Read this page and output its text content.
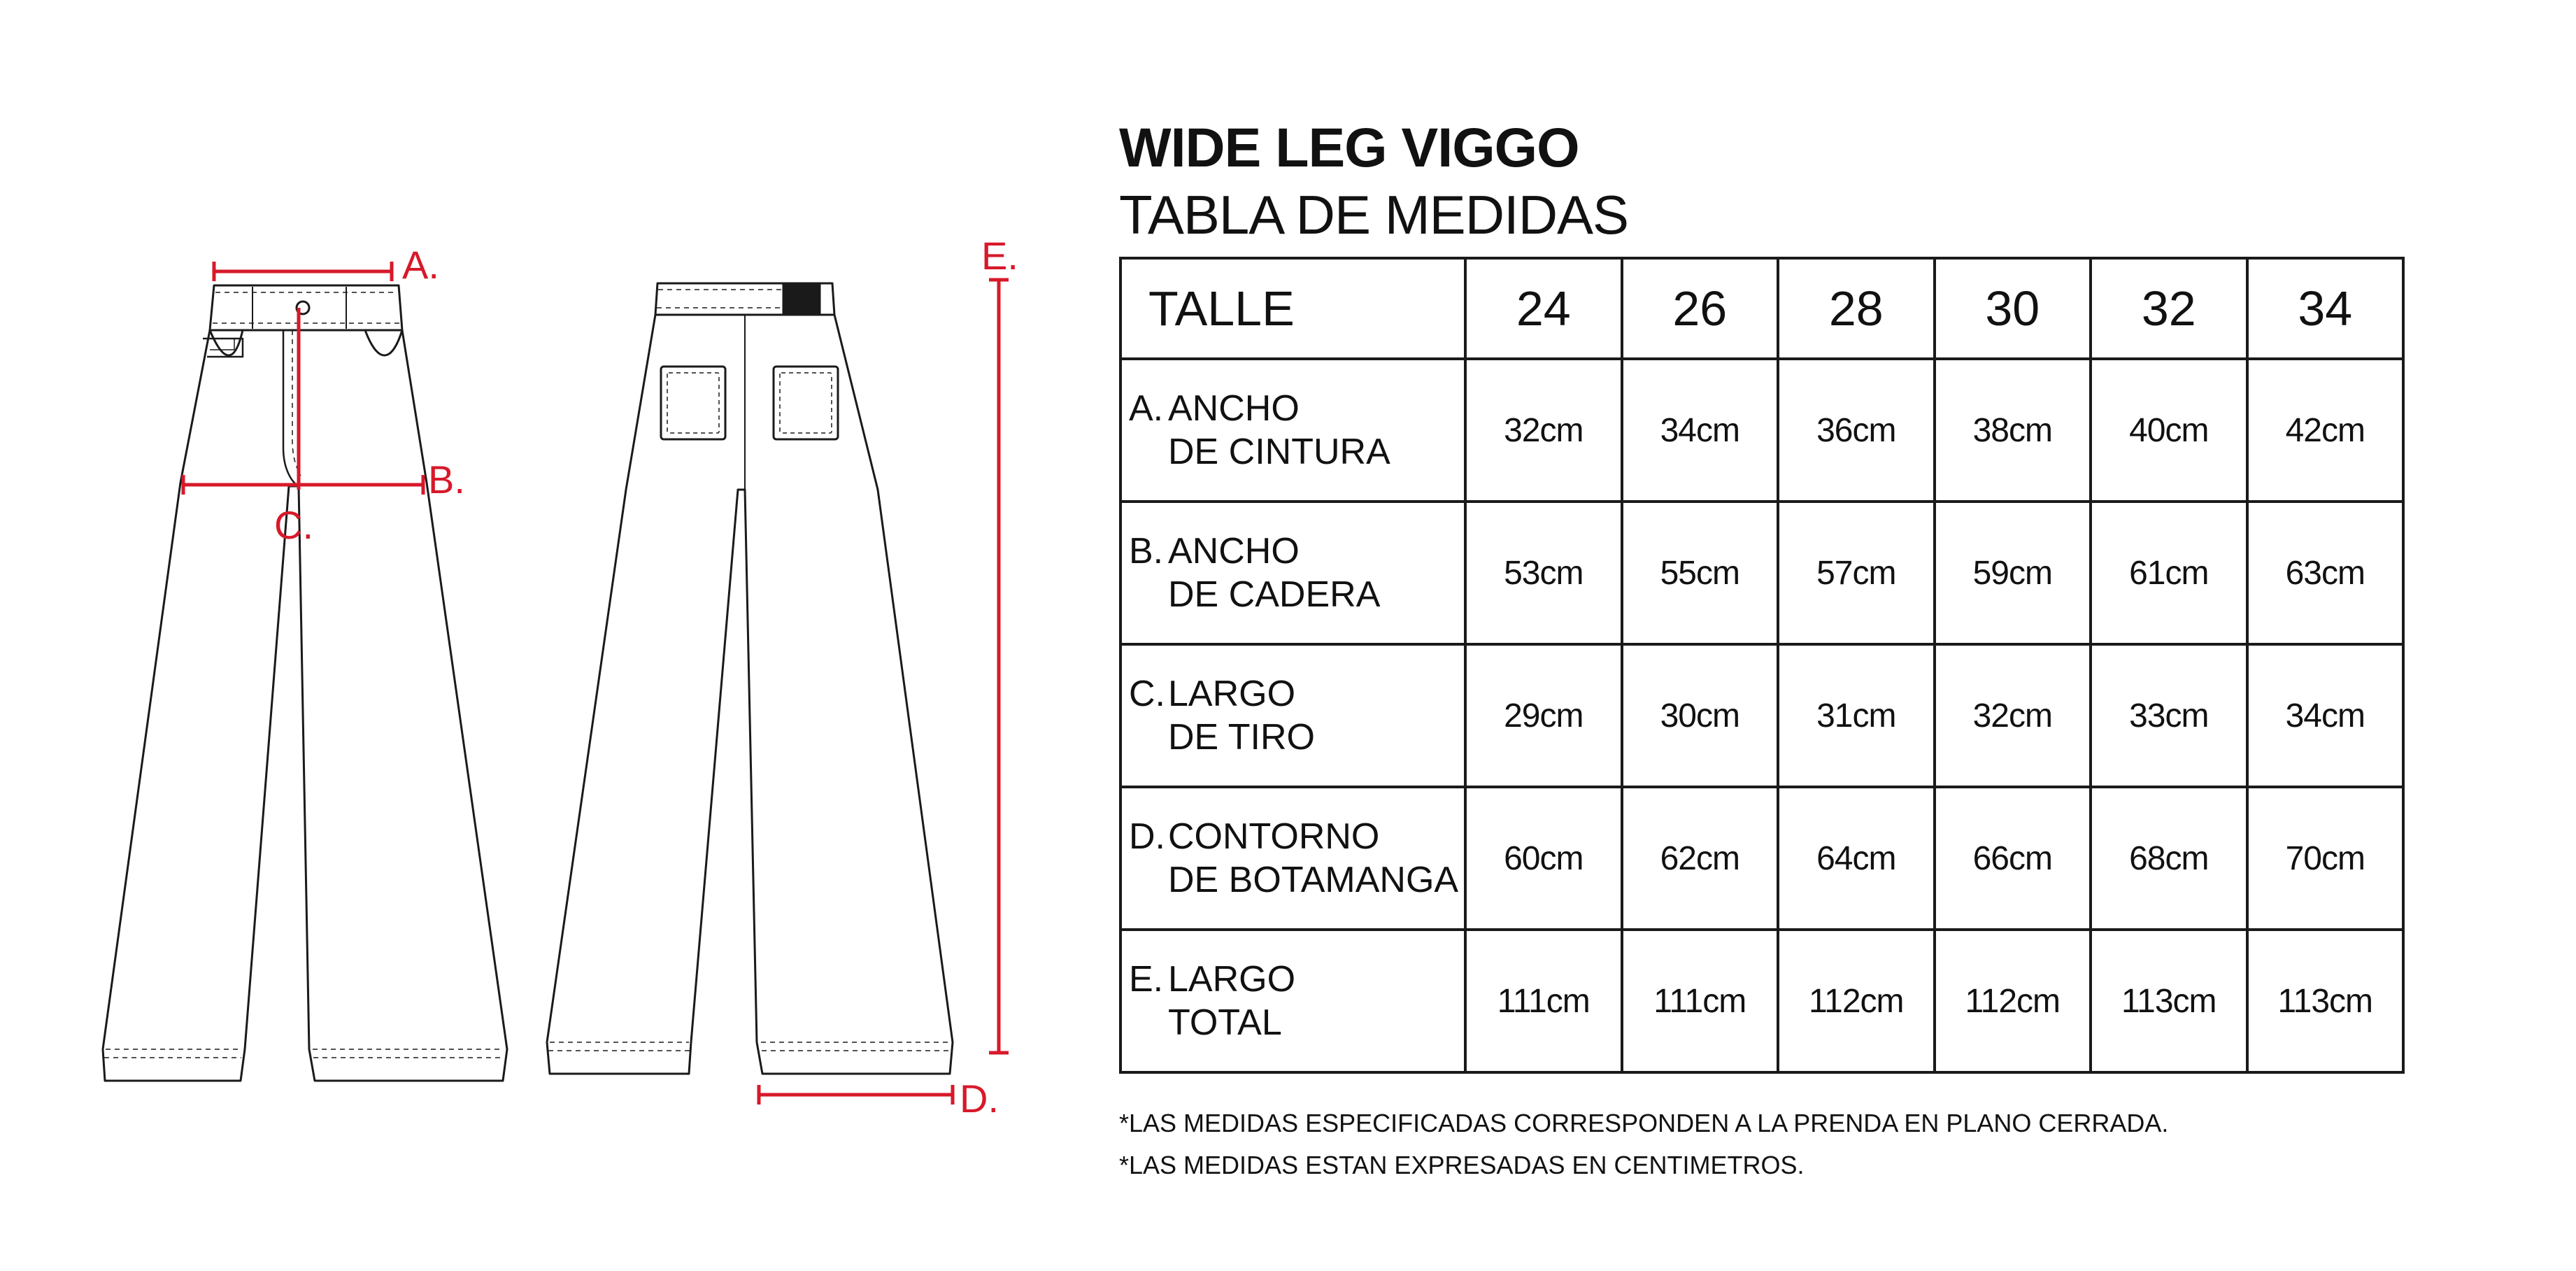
A.
B.
C.
D.
E.
WIDE LEG VIGGO
TABLA DE MEDIDAS
TALLE	24	26	28	30	32	34

A. ANCHO
DE CINTURA	32cm	34cm	36cm	38cm	40cm	42cm

B. ANCHO
DE CADERA	53cm	55cm	57cm	59cm	61cm	63cm

C.LARGO
DE TIRO	29cm	30cm	31cm	32cm	33cm	34cm

D.CONTORNO
DE BOTAMANGA	60cm	62cm	64cm	66cm	68cm	70cm

E. LARGO
TOTAL	111cm	111cm	112cm	112cm	113cm	113cm
*LAS MEDIDAS ESPECIFICADAS CORRESPONDEN A LA PRENDA EN PLANO CERRADA.
*LAS MEDIDAS ESTAN EXPRESADAS EN CENTIMETROS.
